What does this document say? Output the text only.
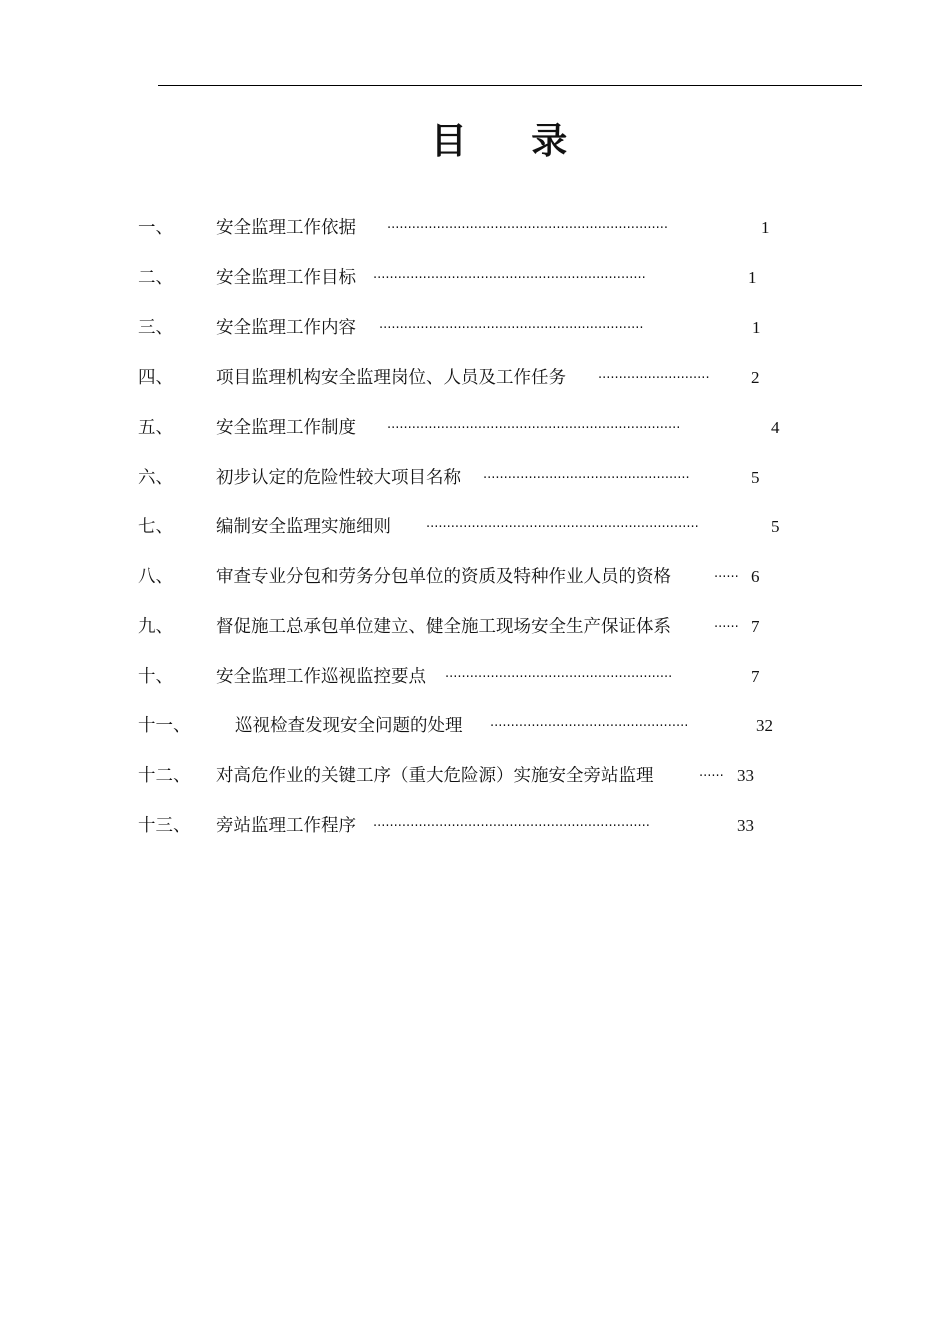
目 录
一、 安全监理工作依据 ····································································	1
二、 安全监理工作目标 ··································································	1
三、 安全监理工作内容 ································································	1
四、 项目监理机构安全监理岗位、人员及工作任务 ··························· 2
五、 安全监理工作制度 ·······································································	4
六、 初步认定的危险性较大项目名称 ··················································	5
七、 编制安全监理实施细则	··································································	5
八、 审查专业分包和劳务分包单位的资质及特种作业人员的资格	······ 6
九、 督促施工总承包单位建立、健全施工现场安全生产保证体系	······ 7
十、 安全监理工作巡视监控要点 ·······················································	7
十一、	巡视检查发现安全问题的处理 ················································	32
十二、 对高危作业的关键工序（重大危险源）实施安全旁站监理	······ 33
十三、 旁站监理工作程序 ···································································	33
